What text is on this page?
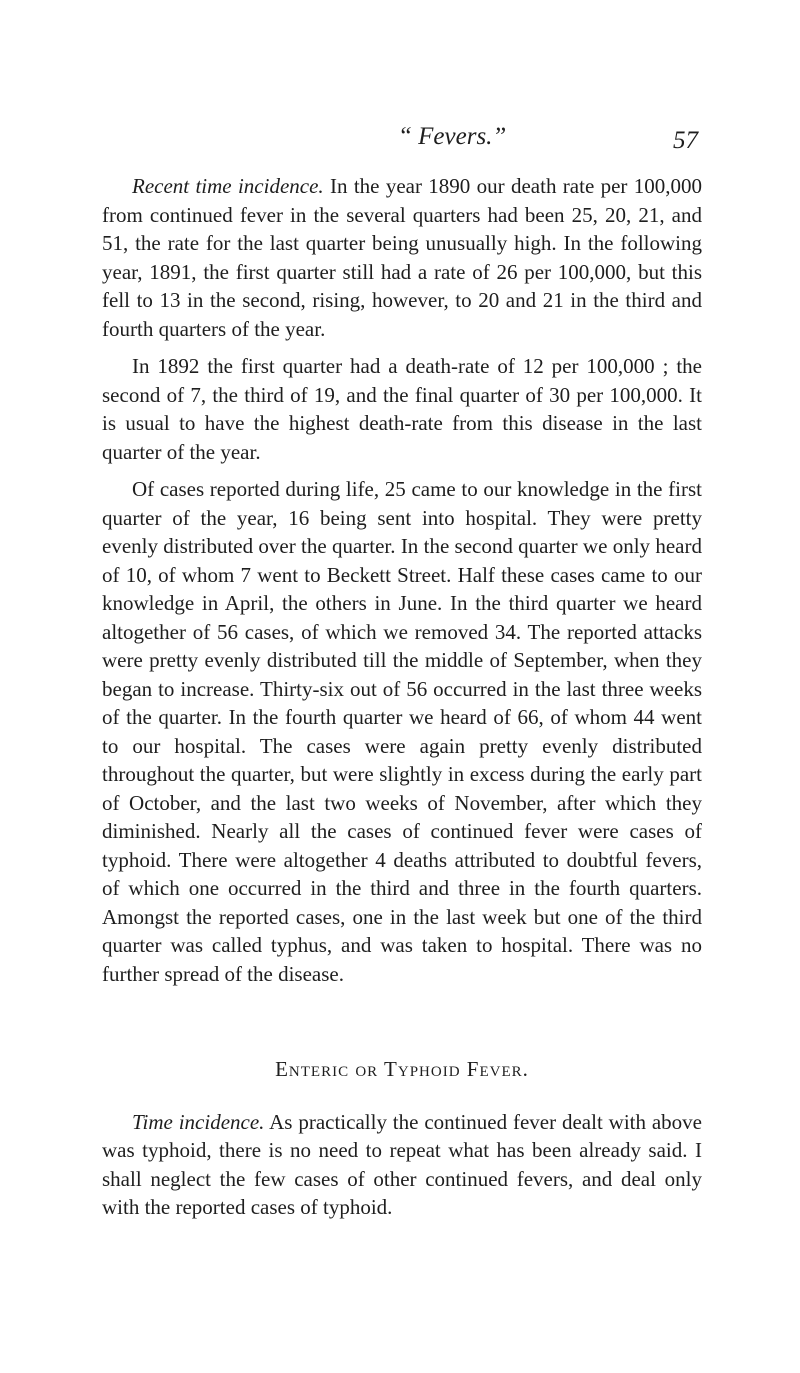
“ Fevers.”	57

Recent time incidence. In the year 1890 our death rate per 100,000 from continued fever in the several quarters had been 25, 20, 21, and 51, the rate for the last quarter being unusually high. In the following year, 1891, the first quarter still had a rate of 26 per 100,000, but this fell to 13 in the second, rising, however, to 20 and 21 in the third and fourth quarters of the year.

In 1892 the first quarter had a death-rate of 12 per 100,000 ; the second of 7, the third of 19, and the final quarter of 30 per 100,000. It is usual to have the highest death-rate from this disease in the last quarter of the year.

Of cases reported during life, 25 came to our knowledge in the first quarter of the year, 16 being sent into hospital. They were pretty evenly distributed over the quarter. In the second quarter we only heard of 10, of whom 7 went to Beckett Street. Half these cases came to our knowledge in April, the others in June. In the third quarter we heard altogether of 56 cases, of which we removed 34. The reported attacks were pretty evenly distributed till the middle of September, when they began to increase. Thirty-six out of 56 occurred in the last three weeks of the quarter. In the fourth quarter we heard of 66, of whom 44 went to our hospital. The cases were again pretty evenly distributed throughout the quarter, but were slightly in excess during the early part of October, and the last two weeks of November, after which they diminished. Nearly all the cases of continued fever were cases of typhoid. There were altogether 4 deaths attributed to doubtful fevers, of which one occurred in the third and three in the fourth quarters. Amongst the reported cases, one in the last week but one of the third quarter was called typhus, and was taken to hospital. There was no further spread of the disease.

Enteric or Typhoid Fever.

Time incidence. As practically the continued fever dealt with above was typhoid, there is no need to repeat what has been already said. I shall neglect the few cases of other continued fevers, and deal only with the reported cases of typhoid.
